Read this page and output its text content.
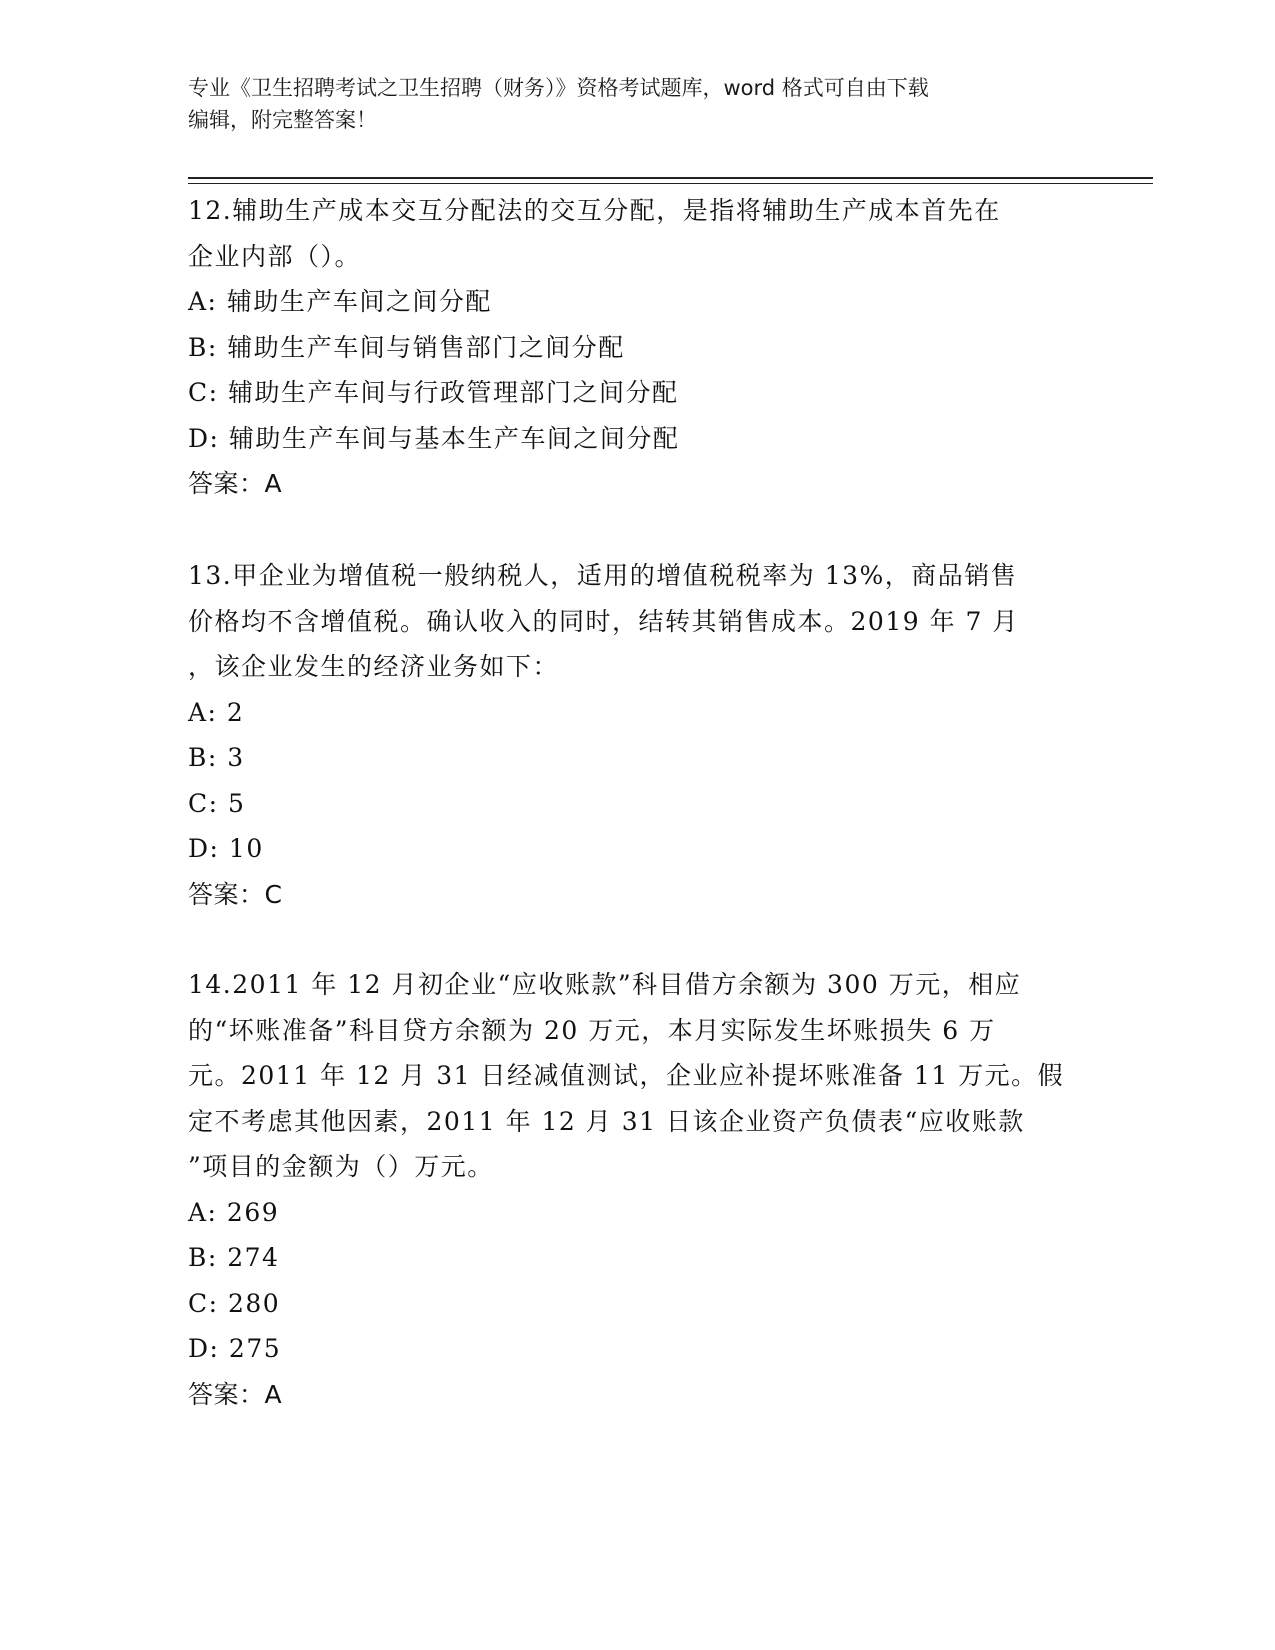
专业《卫生招聘考试之卫生招聘（财务）》资格考试题库，word 格式可自由下载
编辑，附完整答案！
12.辅助生产成本交互分配法的交互分配，是指将辅助生产成本首先在
企业内部（）。
A: 辅助生产车间之间分配
B: 辅助生产车间与销售部门之间分配
C: 辅助生产车间与行政管理部门之间分配
D: 辅助生产车间与基本生产车间之间分配
答案：A
13.甲企业为增值税一般纳税人，适用的增值税税率为 13%，商品销售
价格均不含增值税。确认收入的同时，结转其销售成本。2019 年 7 月
，该企业发生的经济业务如下：
A: 2
B: 3
C: 5
D: 10
答案：C
14.2011 年 12 月初企业“应收账款”科目借方余额为 300 万元，相应
的“坏账准备”科目贷方余额为 20 万元，本月实际发生坏账损失 6 万
元。2011 年 12 月 31 日经减值测试，企业应补提坏账准备 11 万元。假
定不考虑其他因素，2011 年 12 月 31 日该企业资产负债表“应收账款
”项目的金额为（）万元。
A: 269
B: 274
C: 280
D: 275
答案：A
